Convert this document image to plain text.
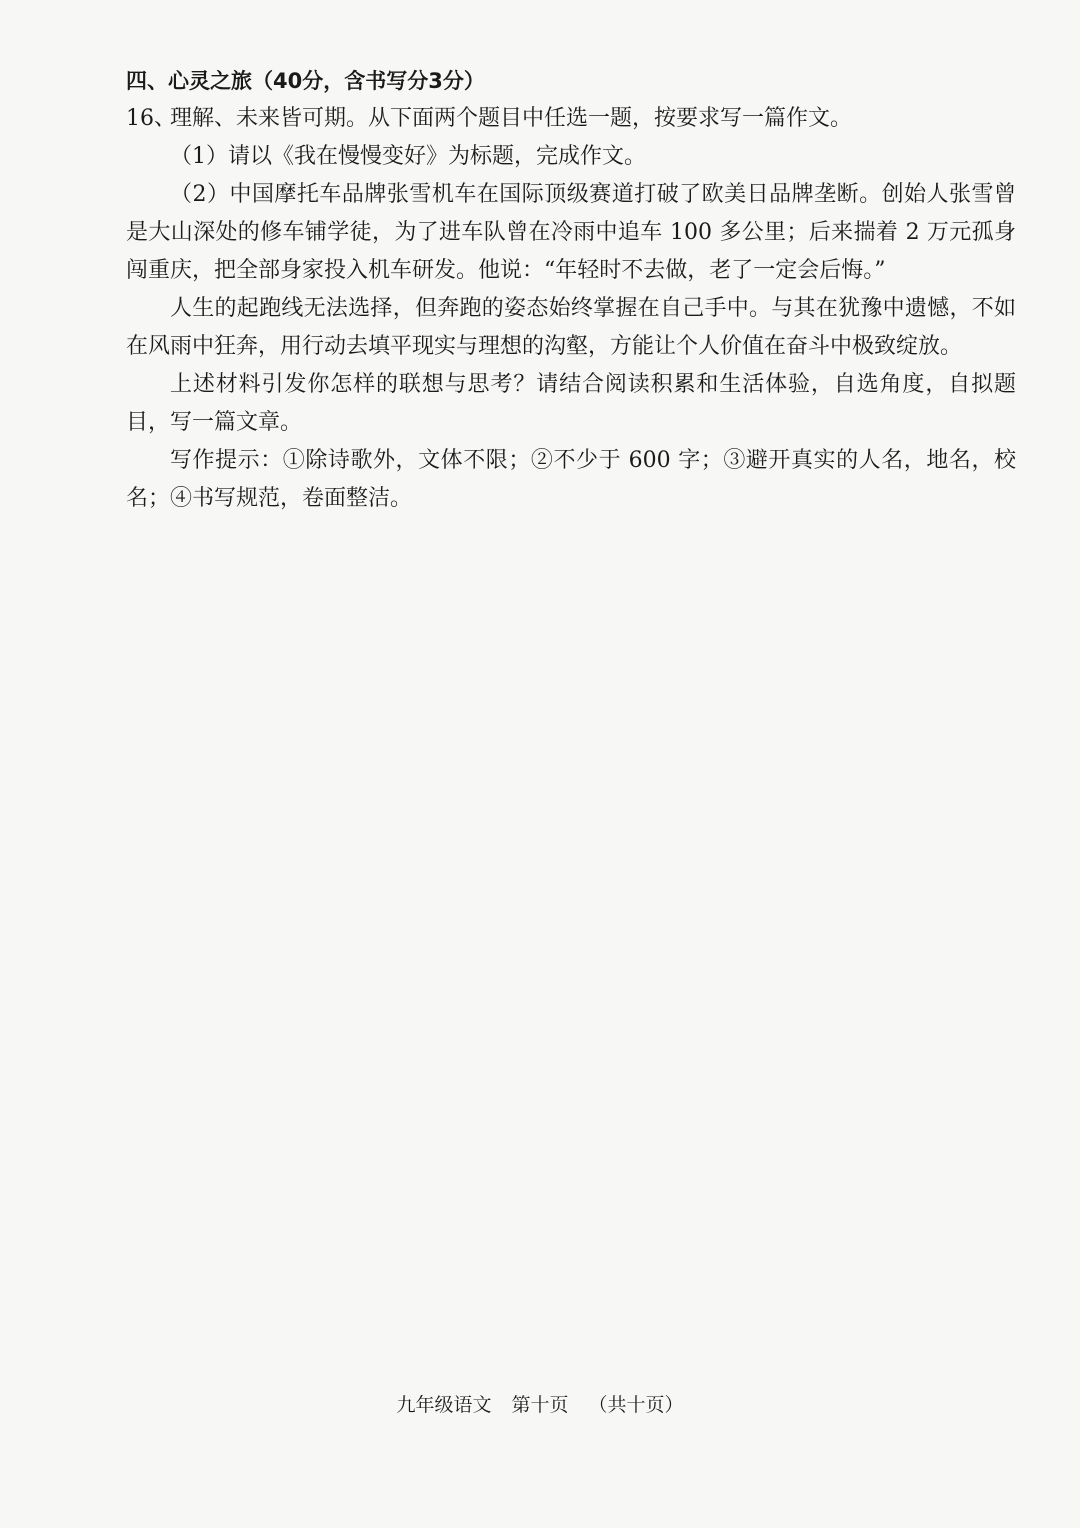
四、心灵之旅（40分，含书写分3分）

16、理解、未来皆可期。从下面两个题目中任选一题，按要求写一篇作文。

（1）请以《我在慢慢变好》为标题，完成作文。

（2）中国摩托车品牌张雪机车在国际顶级赛道打破了欧美日品牌垄断。创始人张雪曾是大山深处的修车铺学徒，为了进车队曾在冷雨中追车 100 多公里；后来揣着 2 万元孤身闯重庆，把全部身家投入机车研发。他说：“年轻时不去做，老了一定会后悔。”

人生的起跑线无法选择，但奔跑的姿态始终掌握在自己手中。与其在犹豫中遗憾，不如在风雨中狂奔，用行动去填平现实与理想的沟壑，方能让个人价值在奋斗中极致绽放。

上述材料引发你怎样的联想与思考？请结合阅读积累和生活体验，自选角度，自拟题目，写一篇文章。

写作提示：①除诗歌外，文体不限；②不少于 600 字；③避开真实的人名，地名，校名；④书写规范，卷面整洁。

九年级语文 第十页 （共十页）
